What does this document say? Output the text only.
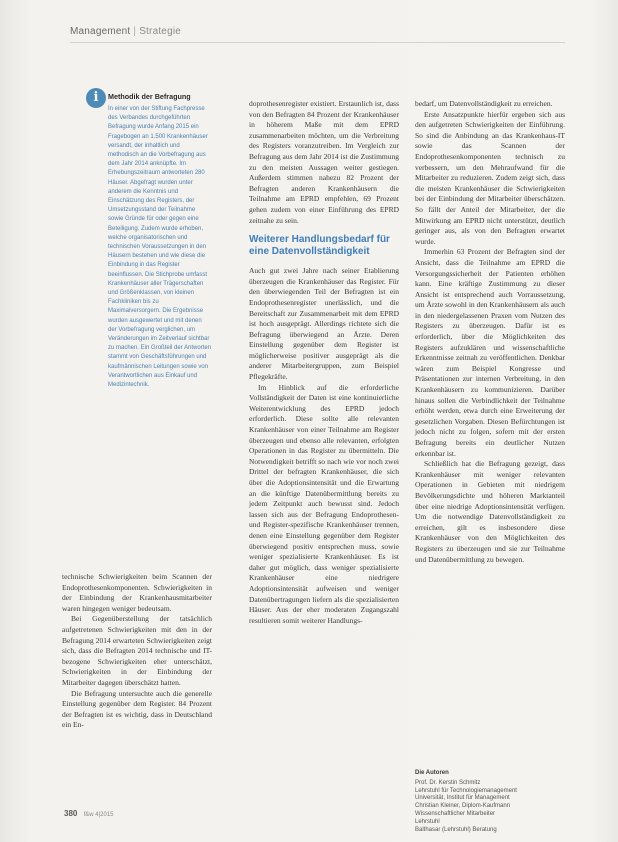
Management | Strategie
i	Methodik der Befragung
In einer von der Stiftung Fachpresse des Verbandes durchgeführten Befragung wurde Anfang 2015 ein Fragebogen an 1.500 Krankenhäuser versandt, der inhaltlich und methodisch an die Vorbefragung aus dem Jahr 2014 anknüpfte. Im Erhebungszeitraum antworteten 280 Häuser. Abgefragt wurden unter anderem die Kenntnis und Einschätzung des Registers, der Umsetzungsstand der Teilnahme sowie Gründe für oder gegen eine Beteiligung. Zudem wurde erhoben, welche organisatorischen und technischen Voraussetzungen in den Häusern bestehen und wie diese die Einbindung in das Register beeinflussen. Die Stichprobe umfasst Krankenhäuser aller Trägerschaften und Größenklassen, von kleinen Fachkliniken bis zu Maximalversorgern. Die Ergebnisse wurden ausgewertet und mit denen der Vorbefragung verglichen, um Veränderungen im Zeitverlauf sichtbar zu machen. Ein Großteil der Antworten stammt von Geschäftsführungen und kaufmännischen Leitungen sowie von Verantwortlichen aus Einkauf und Medizintechnik.

technische Schwierigkeiten beim Scannen der Endoprothesenkomponenten. Schwierigkeiten in der Einbindung der Krankenhausmitarbeiter waren hingegen weniger bedeutsam.

Bei Gegenüberstellung der tatsächlich aufgetretenen Schwierigkeiten mit den in der Befragung 2014 erwarteten Schwierigkeiten zeigt sich, dass die Befragten 2014 technische und IT-bezogene Schwierigkeiten eher unterschätzt, Schwierigkeiten in der Einbindung der Mitarbeiter dagegen überschätzt hatten.

Die Befragung untersuchte auch die generelle Einstellung gegenüber dem Register. 84 Prozent der Befragten ist es wichtig, dass in Deutschland ein En-

doprothesenregister existiert. Erstaunlich ist, dass von den Befragten 84 Prozent der Krankenhäuser in höherem Maße mit dem EPRD zusammenarbeiten möchten, um die Verbreitung des Registers voranzutreiben. Im Vergleich zur Befragung aus dem Jahr 2014 ist die Zustimmung zu den meisten Aussagen weiter gestiegen. Außerdem stimmen nahezu 82 Prozent der Befragten anderen Krankenhäusern die Teilnahme am EPRD empfehlen, 69 Prozent gehen zudem von einer Einführung des EPRD zeitnahe zu sein.

Weiterer Handlungsbedarf für eine Datenvollständigkeit

Auch gut zwei Jahre nach seiner Etablierung überzeugen die Krankenhäuser das Register. Für den überwiegenden Teil der Befragten ist ein Endoprothesenregister unerlässlich, und die Bereitschaft zur Zusammenarbeit mit dem EPRD ist hoch ausgeprägt. Allerdings richtete sich die Befragung überwiegend an Ärzte. Deren Einstellung gegenüber dem Register ist möglicherweise positiver ausgeprägt als die anderer Mitarbeitergruppen, zum Beispiel Pflegekräfte.

Im Hinblick auf die erforderliche Vollständigkeit der Daten ist eine kontinuierliche Weiterentwicklung des EPRD jedoch erforderlich. Diese sollte alle relevanten Krankenhäuser von einer Teilnahme am Register überzeugen und ebenso alle relevanten, erfolgten Operationen in das Register zu übermitteln. Die Notwendigkeit betrifft so nach wie vor noch zwei Drittel der befragten Krankenhäuser, die sich über die Adoptionsintensität und die Erwartung an die künftige Datenübermittlung bereits zu jedem Zeitpunkt auch bewusst sind. Jedoch lassen sich aus der Befragung Endoprothesen- und Register-spezifische Krankenhäuser trennen, denen eine Einstellung gegenüber dem Register überwiegend positiv entsprechen muss, sowie weniger spezialisierte Krankenhäuser. Es ist daher gut möglich, dass weniger spezialisierte Krankenhäuser eine niedrigere Adoptionsintensität aufweisen und weniger Datenübertragungen liefern als die spezialisierten Häuser. Aus der eher moderaten Zugangszahl resultieren somit weiterer Handlungs-

bedarf, um Datenvollständigkeit zu erreichen.

Erste Ansatzpunkte hierfür ergeben sich aus den aufgetreten Schwierigkeiten der Einführung. So sind die Anbindung an das Krankenhaus-IT sowie das Scannen der Endoprothesenkomponenten technisch zu verbessern, um den Mehraufwand für die Mitarbeiter zu reduzieren. Zudem zeigt sich, dass die meisten Krankenhäuser die Schwierigkeiten bei der Einbindung der Mitarbeiter überschätzen. So fällt der Anteil der Mitarbeiter, der die Mitwirkung am EPRD nicht unterstützt, deutlich geringer aus, als von den Befragten erwartet wurde.

Immerhin 63 Prozent der Befragten sind der Ansicht, dass die Teilnahme am EPRD die Versorgungssicherheit der Patienten erhöhen kann. Eine kräftige Zustimmung zu dieser Ansicht ist entsprechend auch Vorraussetzung, um Ärzte sowohl in den Krankenhäusern als auch in den niedergelassenen Praxen vom Nutzen des Registers zu überzeugen. Dafür ist es erforderlich, über die Möglichkeiten des Registers aufzuklären und wissenschaftliche Erkenntnisse zeitnah zu veröffentlichen. Denkbar wären zum Beispiel Kongresse und Präsentationen zur internen Verbreitung, in den Krankenhäusern zu kommunizieren. Darüber hinaus sollen die Verbindlichkeit der Teilnahme erhöht werden, etwa durch eine Erweiterung der gesetzlichen Vorgaben. Diesen Befürchtungen ist jedoch nicht zu folgen, sofern mit der ersten Befragung bereits ein deutlicher Nutzen erkennbar ist.

Schließlich hat die Befragung gezeigt, dass Krankenhäuser mit weniger relevanten Operationen in Gebieten mit niedrigem Bevölkerungsdichte und höheren Marktanteil über eine niedrige Adoptionsintensität verfügen. Um die notwendige Datenvollständigkeit zu erreichen, gilt es insbesondere diese Krankenhäuser von den Möglichkeiten des Registers zu überzeugen und sie zur Teilnahme und Datenübermittlung zu bewegen.

Die Autoren
Prof. Dr. Kerstin Schmitz
Lehrstuhl für Technologiemanagement
Universität, Institut für Management
Christian Kleiner, Diplom-Kaufmann
Wissenschaftlicher Mitarbeiter
Lehrstuhl
Balthasar (Lehrstuhl) Beratung
380 f&w 4|2015
